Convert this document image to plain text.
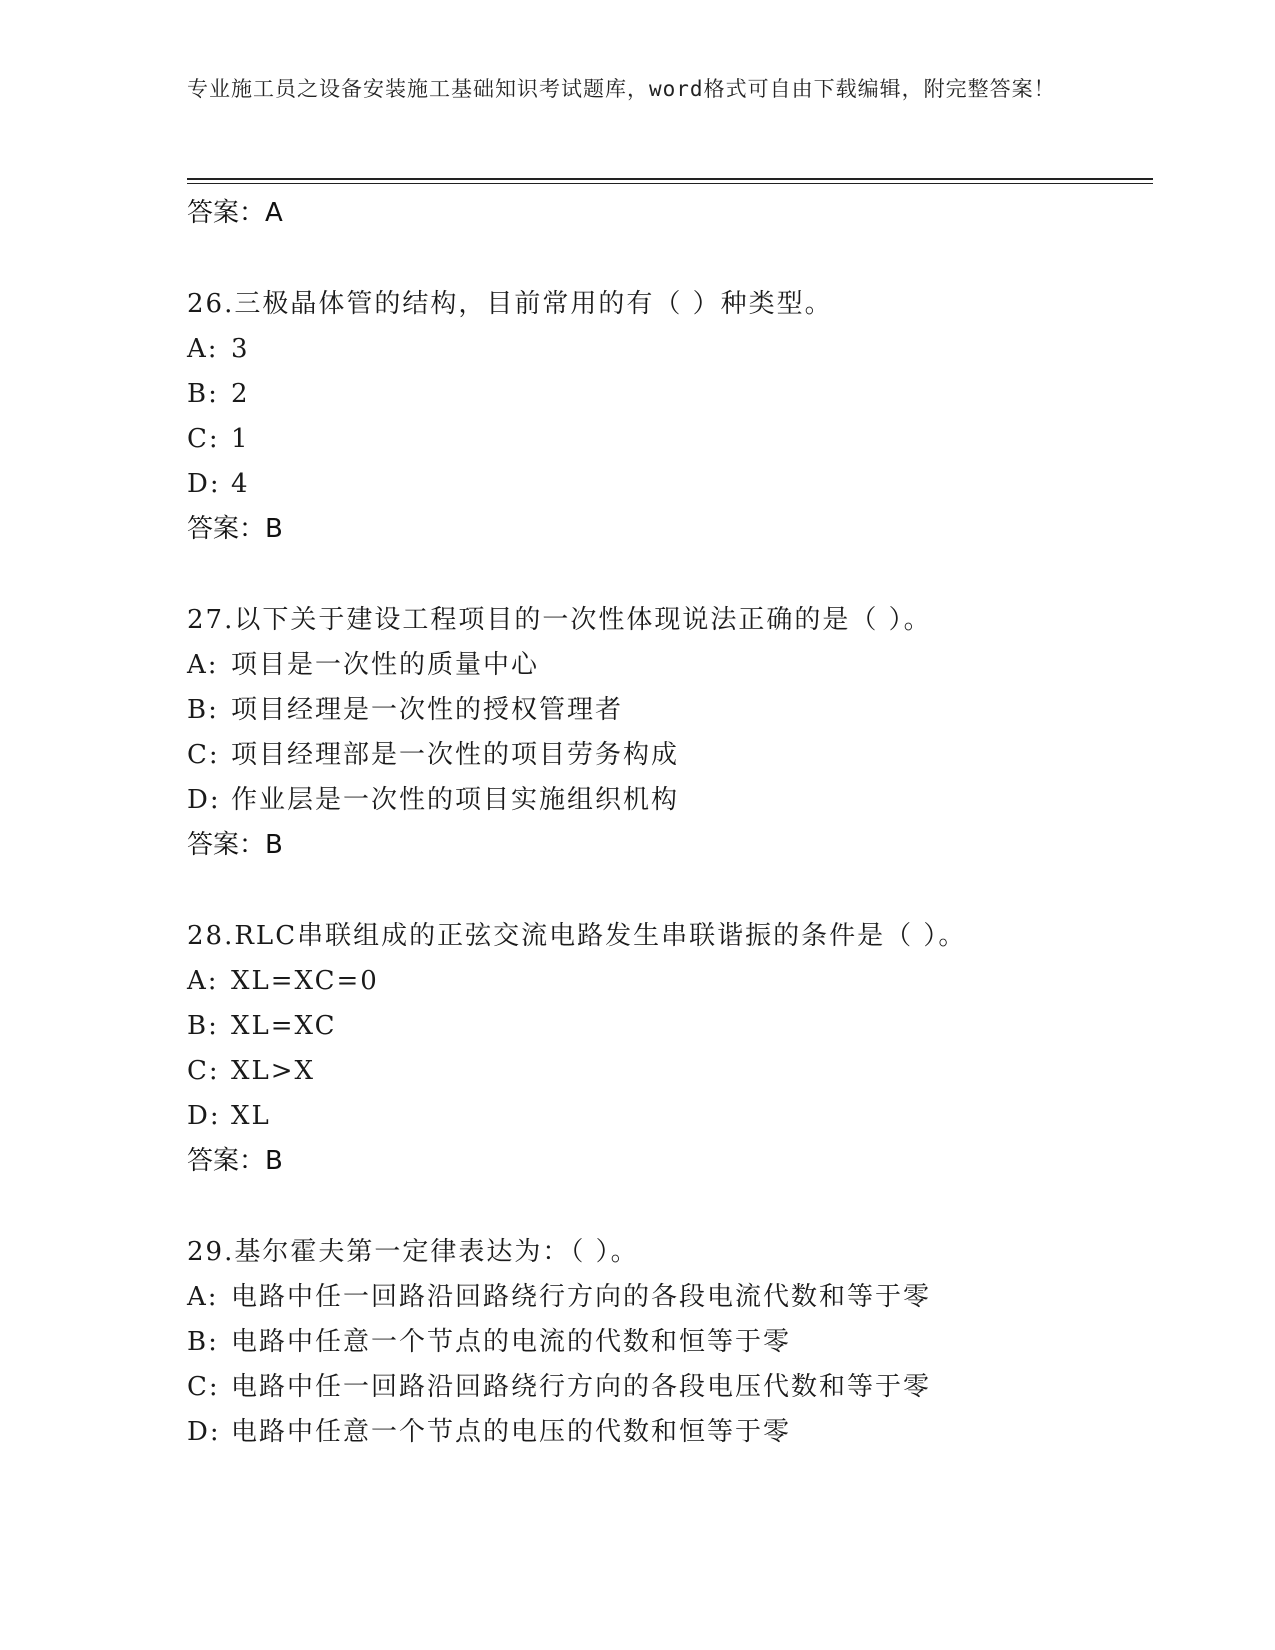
专业施工员之设备安装施工基础知识考试题库，word格式可自由下载编辑，附完整答案！
答案：A
26.三极晶体管的结构，目前常用的有（ ）种类型。
A: 3
B: 2
C: 1
D: 4
答案：B
27.以下关于建设工程项目的一次性体现说法正确的是（ ）。
A: 项目是一次性的质量中心
B: 项目经理是一次性的授权管理者
C: 项目经理部是一次性的项目劳务构成
D: 作业层是一次性的项目实施组织机构
答案：B
28.RLC串联组成的正弦交流电路发生串联谐振的条件是（ ）。
A: XL=XC=0
B: XL=XC
C: XL>X
D: XL
答案：B
29.基尔霍夫第一定律表达为：（ ）。
A: 电路中任一回路沿回路绕行方向的各段电流代数和等于零
B: 电路中任意一个节点的电流的代数和恒等于零
C: 电路中任一回路沿回路绕行方向的各段电压代数和等于零
D: 电路中任意一个节点的电压的代数和恒等于零
